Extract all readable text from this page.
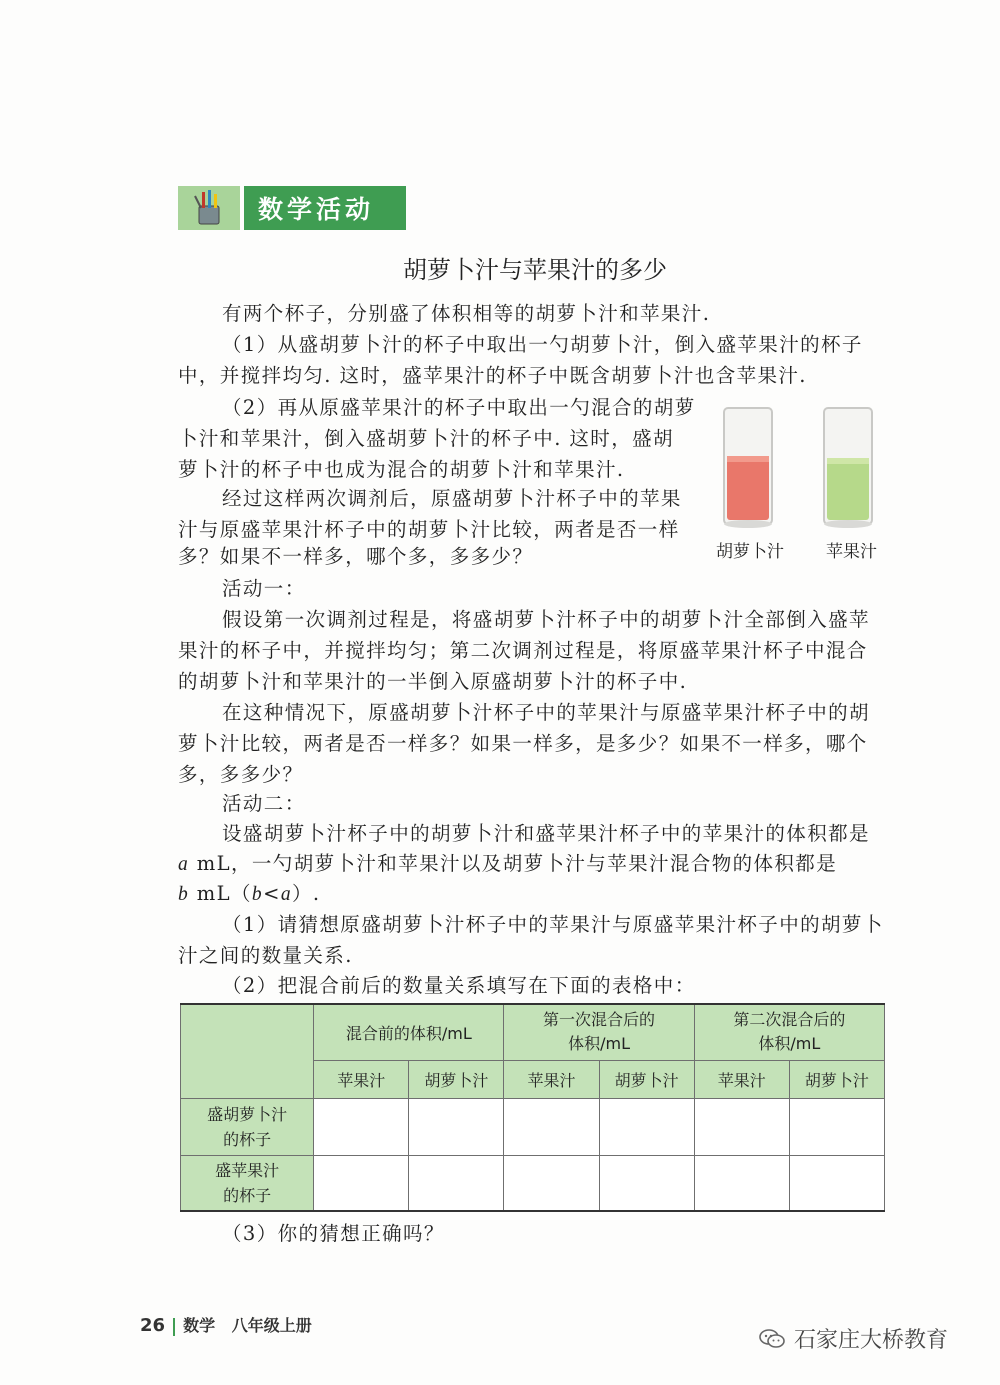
数学活动
胡萝卜汁与苹果汁的多少
有两个杯子，分别盛了体积相等的胡萝卜汁和苹果汁.
（1）从盛胡萝卜汁的杯子中取出一勺胡萝卜汁，倒入盛苹果汁的杯子
中，并搅拌均匀. 这时，盛苹果汁的杯子中既含胡萝卜汁也含苹果汁.
（2）再从原盛苹果汁的杯子中取出一勺混合的胡萝
卜汁和苹果汁，倒入盛胡萝卜汁的杯子中. 这时，盛胡
萝卜汁的杯子中也成为混合的胡萝卜汁和苹果汁.
经过这样两次调剂后，原盛胡萝卜汁杯子中的苹果
汁与原盛苹果汁杯子中的胡萝卜汁比较，两者是否一样
多？如果不一样多，哪个多，多多少？	胡萝卜汁 苹果汁
活动一：
假设第一次调剂过程是，将盛胡萝卜汁杯子中的胡萝卜汁全部倒入盛苹
果汁的杯子中，并搅拌均匀；第二次调剂过程是，将原盛苹果汁杯子中混合
的胡萝卜汁和苹果汁的一半倒入原盛胡萝卜汁的杯子中.
在这种情况下，原盛胡萝卜汁杯子中的苹果汁与原盛苹果汁杯子中的胡
萝卜汁比较，两者是否一样多？如果一样多，是多少？如果不一样多，哪个
多，多多少？
活动二：
设盛胡萝卜汁杯子中的胡萝卜汁和盛苹果汁杯子中的苹果汁的体积都是
a mL，一勺胡萝卜汁和苹果汁以及胡萝卜汁与苹果汁混合物的体积都是
b mL（b<a）.
（1）请猜想原盛胡萝卜汁杯子中的苹果汁与原盛苹果汁杯子中的胡萝卜
汁之间的数量关系.
（2）把混合前后的数量关系填写在下面的表格中：
	混合前的体积/mL		第一次混合后的
体积/mL		第二次混合后的
体积/mL	
	苹果汁	胡萝卜汁	苹果汁	胡萝卜汁	苹果汁	胡萝卜汁
盛胡萝卜汁
的杯子						
盛苹果汁
的杯子						
（3）你的猜想正确吗？
26 数学 八年级上册
石家庄大桥教育
